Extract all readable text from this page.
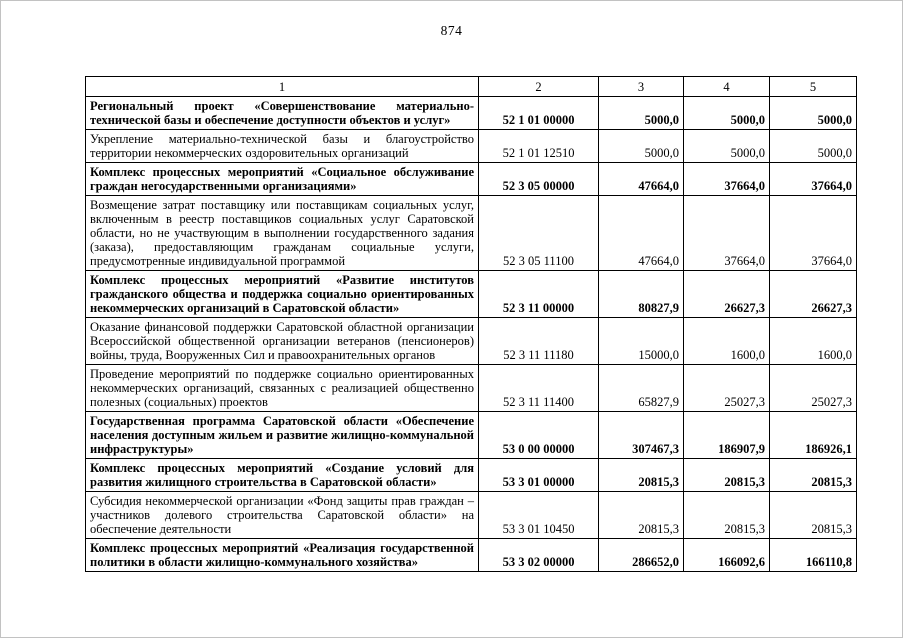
874
1	2	3	4	5
Региональный проект «Совершенствование материально-технической базы и обеспечение доступности объектов и услуг»	52 1 01 00000	5000,0	5000,0	5000,0
Укрепление материально-технической базы и благоустройство территории некоммерческих оздоровительных организаций	52 1 01 12510	5000,0	5000,0	5000,0
Комплекс процессных мероприятий «Социальное обслуживание граждан негосударственными организациями»	52 3 05 00000	47664,0	37664,0	37664,0
Возмещение затрат поставщику или поставщикам социальных услуг, включенным в реестр поставщиков социальных услуг Саратовской области, но не участвующим в выполнении государственного задания (заказа), предоставляющим гражданам социальные услуги, предусмотренные индивидуальной программой	52 3 05 11100	47664,0	37664,0	37664,0
Комплекс процессных мероприятий «Развитие институтов гражданского общества и поддержка социально ориентированных некоммерческих организаций в Саратовской области»	52 3 11 00000	80827,9	26627,3	26627,3
Оказание финансовой поддержки Саратовской областной организации Всероссийской общественной организации ветеранов (пенсионеров) войны, труда, Вооруженных Сил и правоохранительных органов	52 3 11 11180	15000,0	1600,0	1600,0
Проведение мероприятий по поддержке социально ориентированных некоммерческих организаций, связанных с реализацией общественно полезных (социальных) проектов	52 3 11 11400	65827,9	25027,3	25027,3
Государственная программа Саратовской области «Обеспечение населения доступным жильем и развитие жилищно-коммунальной инфраструктуры»	53 0 00 00000	307467,3	186907,9	186926,1
Комплекс процессных мероприятий «Создание условий для развития жилищного строительства в Саратовской области»	53 3 01 00000	20815,3	20815,3	20815,3
Субсидия некоммерческой организации «Фонд защиты прав граждан – участников долевого строительства Саратовской области» на обеспечение деятельности	53 3 01 10450	20815,3	20815,3	20815,3
Комплекс процессных мероприятий «Реализация государственной политики в области жилищно-коммунального хозяйства»	53 3 02 00000	286652,0	166092,6	166110,8
